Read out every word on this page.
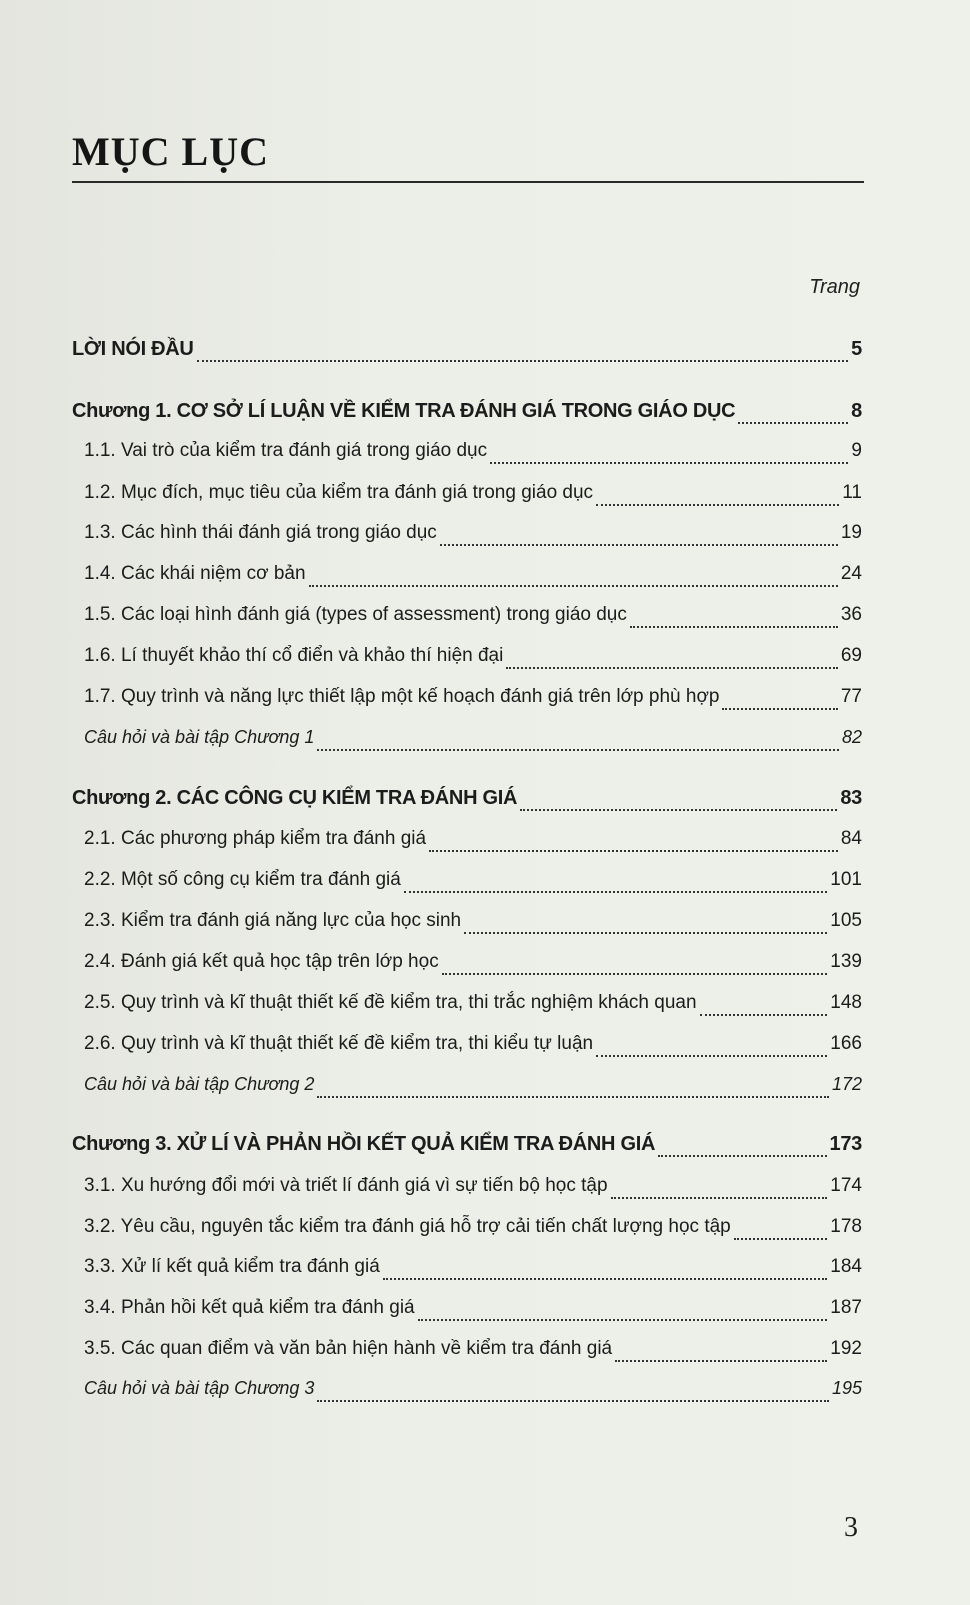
MỤC LỤC
Trang
LỜI NÓI ĐẦU	5
Chương 1. CƠ SỞ LÍ LUẬN VỀ KIỂM TRA ĐÁNH GIÁ TRONG GIÁO DỤC	8
1.1. Vai trò của kiểm tra đánh giá trong giáo dục	9
1.2. Mục đích, mục tiêu của kiểm tra đánh giá trong giáo dục	11
1.3. Các hình thái đánh giá trong giáo dục	19
1.4. Các khái niệm cơ bản	24
1.5. Các loại hình đánh giá (types of assessment) trong giáo dục	36
1.6. Lí thuyết khảo thí cổ điển và khảo thí hiện đại	69
1.7. Quy trình và năng lực thiết lập một kế hoạch đánh giá trên lớp phù hợp	77
Câu hỏi và bài tập Chương 1	82
Chương 2. CÁC CÔNG CỤ KIỂM TRA ĐÁNH GIÁ	83
2.1. Các phương pháp kiểm tra đánh giá	84
2.2. Một số công cụ kiểm tra đánh giá	101
2.3. Kiểm tra đánh giá năng lực của học sinh	105
2.4. Đánh giá kết quả học tập trên lớp học	139
2.5. Quy trình và kĩ thuật thiết kế đề kiểm tra, thi trắc nghiệm khách quan	148
2.6. Quy trình và kĩ thuật thiết kế đề kiểm tra, thi kiểu tự luận	166
Câu hỏi và bài tập Chương 2	172
Chương 3. XỬ LÍ VÀ PHẢN HỒI KẾT QUẢ KIỂM TRA ĐÁNH GIÁ	173
3.1. Xu hướng đổi mới và triết lí đánh giá vì sự tiến bộ học tập	174
3.2. Yêu cầu, nguyên tắc kiểm tra đánh giá hỗ trợ cải tiến chất lượng học tập	178
3.3. Xử lí kết quả kiểm tra đánh giá	184
3.4. Phản hồi kết quả kiểm tra đánh giá	187
3.5. Các quan điểm và văn bản hiện hành về kiểm tra đánh giá	192
Câu hỏi và bài tập Chương 3	195
3
